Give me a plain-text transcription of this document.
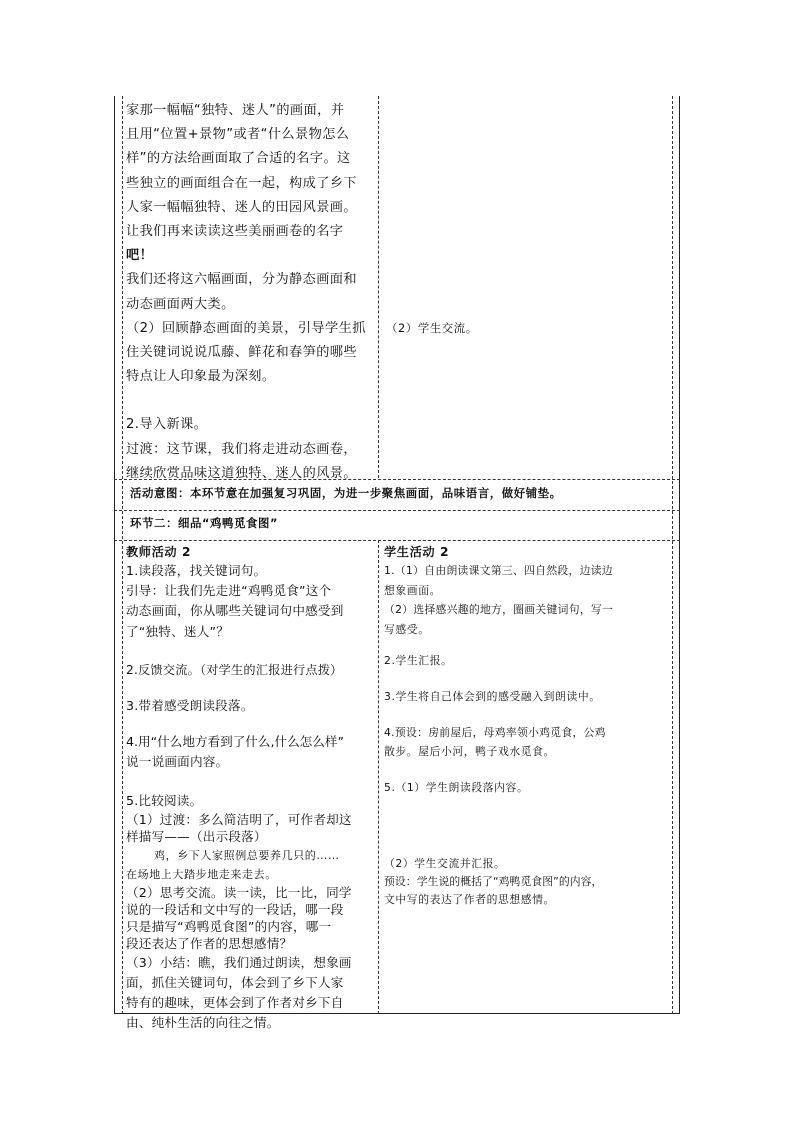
家那一幅幅“独特、迷人”的画面，并

且用“位置+景物”或者“什么景物怎么

样”的方法给画面取了合适的名字。这

些独立的画面组合在一起，构成了乡下

人家一幅幅独特、迷人的田园风景画。

让我们再来读读这些美丽画卷的名字

吧！

我们还将这六幅画面，分为静态画面和

动态画面两大类。

（2）回顾静态画面的美景，引导学生抓

住关键词说说瓜藤、鲜花和春笋的哪些

特点让人印象最为深刻。

2.导入新课。

过渡：这节课，我们将走进动态画卷，

继续欣赏品味这道独特、迷人的风景。

（2）学生交流。

活动意图：本环节意在加强复习巩固，为进一步聚焦画面，品味语言，做好铺垫。

环节二：细品“鸡鸭觅食图”

教师活动 2

1.读段落，找关键词句。

引导：让我们先走进“鸡鸭觅食”这个

动态画面，你从哪些关键词句中感受到

了“独特、迷人”？

2.反馈交流。（对学生的汇报进行点拨）

3.带着感受朗读段落。

4.用“什么地方看到了什么,什么怎么样”

说一说画面内容。

5.比较阅读。

（1）过渡：多么简洁明了，可作者却这

样描写——（出示段落）

鸡，乡下人家照例总要养几只的……

在场地上大踏步地走来走去。

（2）思考交流。读一读，比一比，同学

说的一段话和文中写的一段话，哪一段

只是描写“鸡鸭觅食图”的内容，哪一

段还表达了作者的思想感情？

（3）小结：瞧，我们通过朗读，想象画

面，抓住关键词句，体会到了乡下人家

特有的趣味，更体会到了作者对乡下自

由、纯朴生活的向往之情。

学生活动 2

1.（1）自由朗读课文第三、四自然段，边读边

想象画面。

（2）选择感兴趣的地方，圈画关键词句，写一

写感受。

2.学生汇报。

3.学生将自己体会到的感受融入到朗读中。

4.预设：房前屋后，母鸡率领小鸡觅食，公鸡

散步。屋后小河，鸭子戏水觅食。

5.（1）学生朗读段落内容。

（2）学生交流并汇报。

预设：学生说的概括了“鸡鸭觅食图”的内容，

文中写的表达了作者的思想感情。
